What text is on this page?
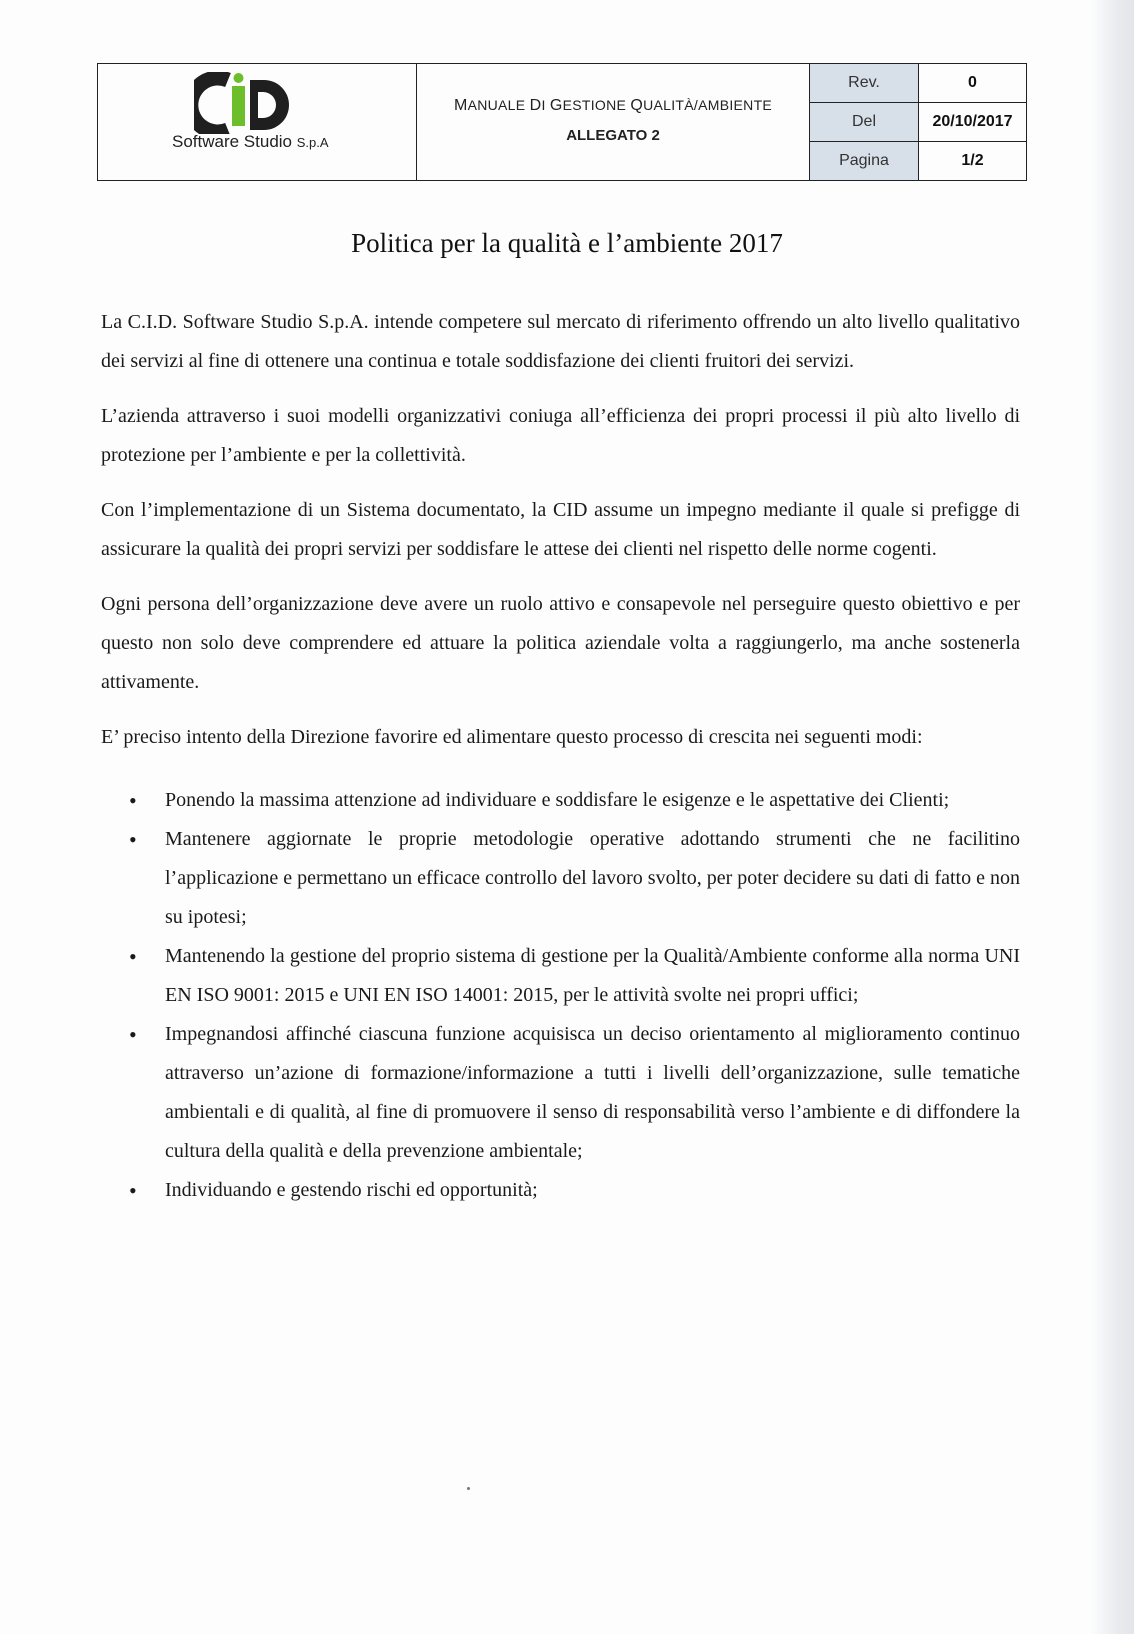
Software Studio S.p.A
MANUALE DI GESTIONE QUALITÀ/AMBIENTE
ALLEGATO 2
Rev.	0
Del	20/10/2017
Pagina	1/2
Politica per la qualità e l’ambiente 2017

La C.I.D. Software Studio S.p.A. intende competere sul mercato di riferimento offrendo un alto livello qualitativo dei servizi al fine di ottenere una continua e totale soddisfazione dei clienti fruitori dei servizi.

L’azienda attraverso i suoi modelli organizzativi coniuga all’efficienza dei propri processi il più alto livello di protezione per l’ambiente e per la collettività.

Con l’implementazione di un Sistema documentato, la CID assume un impegno mediante il quale si prefigge di assicurare la qualità dei propri servizi per soddisfare le attese dei clienti nel rispetto delle norme cogenti.

Ogni persona dell’organizzazione deve avere un ruolo attivo e consapevole nel perseguire questo obiettivo e per questo non solo deve comprendere ed attuare la politica aziendale volta a raggiungerlo, ma anche sostenerla attivamente.

E’ preciso intento della Direzione favorire ed alimentare questo processo di crescita nei seguenti modi:

• Ponendo la massima attenzione ad individuare e soddisfare le esigenze e le aspettative dei Clienti;
• Mantenere aggiornate le proprie metodologie operative adottando strumenti che ne facilitino l’applicazione e permettano un efficace controllo del lavoro svolto, per poter decidere su dati di fatto e non su ipotesi;
• Mantenendo la gestione del proprio sistema di gestione per la Qualità/Ambiente conforme alla norma UNI EN ISO 9001: 2015 e UNI EN ISO 14001: 2015, per le attività svolte nei propri uffici;
• Impegnandosi affinché ciascuna funzione acquisisca un deciso orientamento al miglioramento continuo attraverso un’azione di formazione/informazione a tutti i livelli dell’organizzazione, sulle tematiche ambientali e di qualità, al fine di promuovere il senso di responsabilità verso l’ambiente e di diffondere la cultura della qualità e della prevenzione ambientale;
• Individuando e gestendo rischi ed opportunità;
